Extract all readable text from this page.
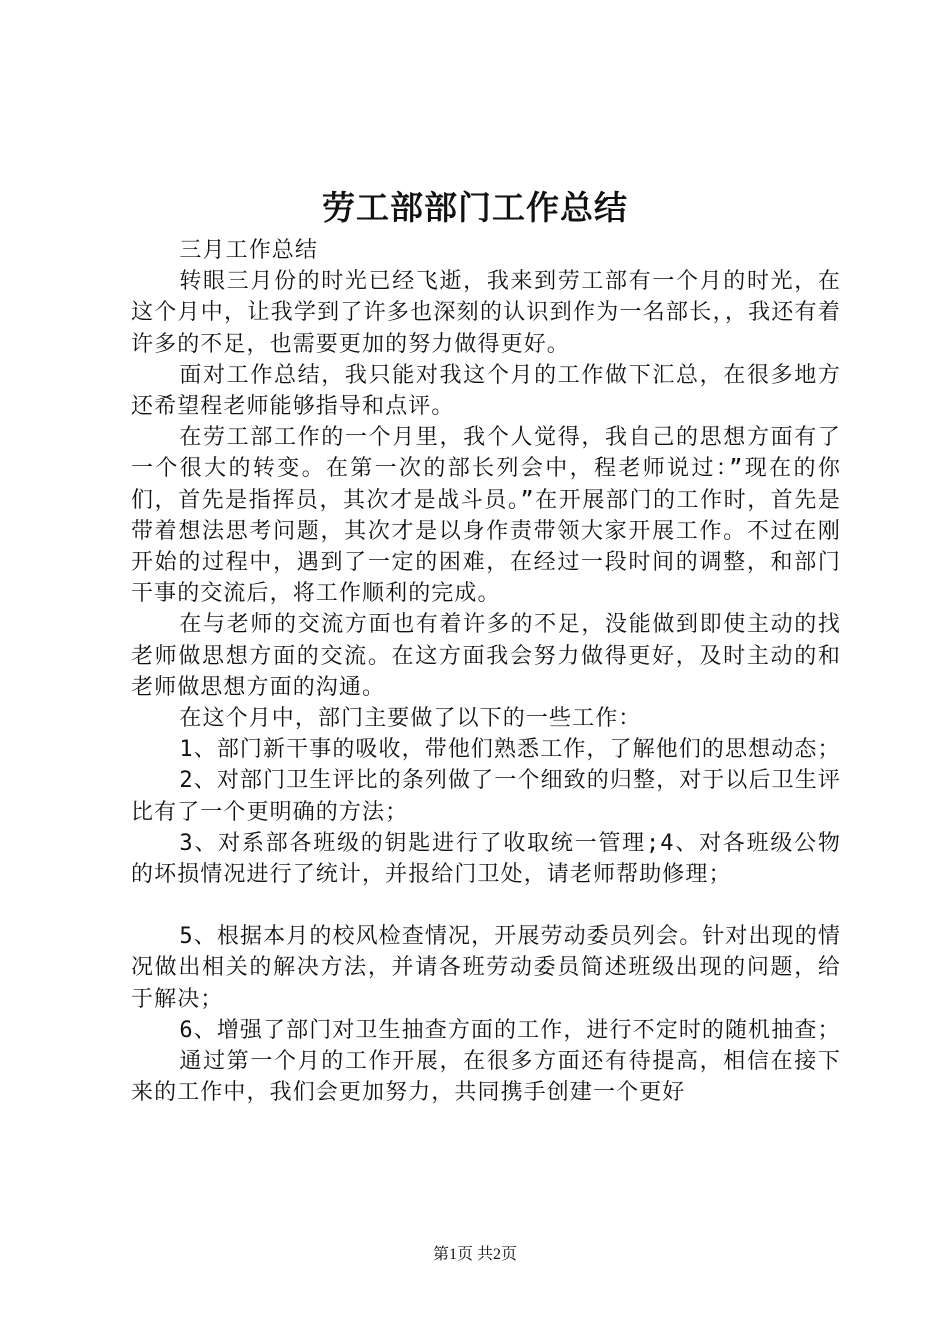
劳工部部门工作总结

三月工作总结

转眼三月份的时光已经飞逝，我来到劳工部有一个月的时光，在这个月中，让我学到了许多也深刻的认识到作为一名部长，，我还有着许多的不足，也需要更加的努力做得更好。

面对工作总结，我只能对我这个月的工作做下汇总，在很多地方还希望程老师能够指导和点评。

在劳工部工作的一个月里，我个人觉得，我自己的思想方面有了一个很大的转变。在第一次的部长列会中，程老师说过：”现在的你们，首先是指挥员，其次才是战斗员。”在开展部门的工作时，首先是带着想法思考问题，其次才是以身作责带领大家开展工作。不过在刚开始的过程中，遇到了一定的困难，在经过一段时间的调整，和部门干事的交流后，将工作顺利的完成。

在与老师的交流方面也有着许多的不足，没能做到即使主动的找老师做思想方面的交流。在这方面我会努力做得更好，及时主动的和老师做思想方面的沟通。

在这个月中，部门主要做了以下的一些工作：

1、部门新干事的吸收，带他们熟悉工作，了解他们的思想动态；

2、对部门卫生评比的条列做了一个细致的归整，对于以后卫生评比有了一个更明确的方法；

3、对系部各班级的钥匙进行了收取统一管理;4、对各班级公物的坏损情况进行了统计，并报给门卫处，请老师帮助修理；

5、根据本月的校风检查情况，开展劳动委员列会。针对出现的情况做出相关的解决方法，并请各班劳动委员简述班级出现的问题，给于解决；

6、增强了部门对卫生抽查方面的工作，进行不定时的随机抽查；

通过第一个月的工作开展，在很多方面还有待提高，相信在接下来的工作中，我们会更加努力，共同携手创建一个更好

第1页 共2页
